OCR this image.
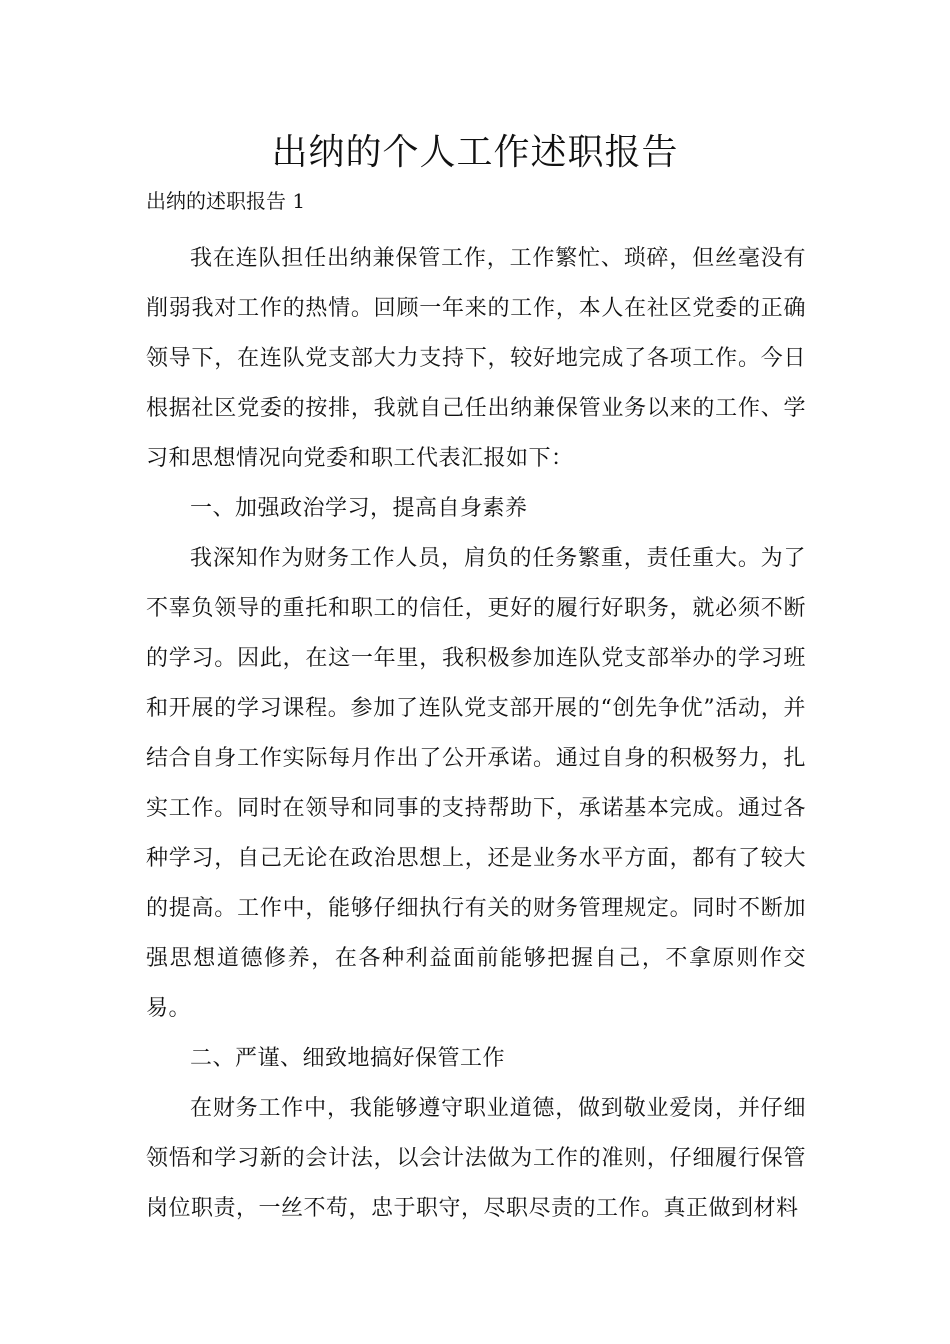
出纳的个人工作述职报告
出纳的述职报告 1

我在连队担任出纳兼保管工作，工作繁忙、琐碎，但丝毫没有削弱我对工作的热情。回顾一年来的工作，本人在社区党委的正确领导下，在连队党支部大力支持下，较好地完成了各项工作。今日根据社区党委的按排，我就自己任出纳兼保管业务以来的工作、学习和思想情况向党委和职工代表汇报如下：

一、加强政治学习，提高自身素养

我深知作为财务工作人员，肩负的任务繁重，责任重大。为了不辜负领导的重托和职工的信任，更好的履行好职务，就必须不断的学习。因此，在这一年里，我积极参加连队党支部举办的学习班和开展的学习课程。参加了连队党支部开展的“创先争优”活动，并结合自身工作实际每月作出了公开承诺。通过自身的积极努力，扎实工作。同时在领导和同事的支持帮助下，承诺基本完成。通过各种学习，自己无论在政治思想上，还是业务水平方面，都有了较大的提高。工作中，能够仔细执行有关的财务管理规定。同时不断加强思想道德修养，在各种利益面前能够把握自己，不拿原则作交易。

二、严谨、细致地搞好保管工作

在财务工作中，我能够遵守职业道德，做到敬业爱岗，并仔细领悟和学习新的会计法，以会计法做为工作的准则，仔细履行保管岗位职责，一丝不苟，忠于职守，尽职尽责的工作。真正做到材料
